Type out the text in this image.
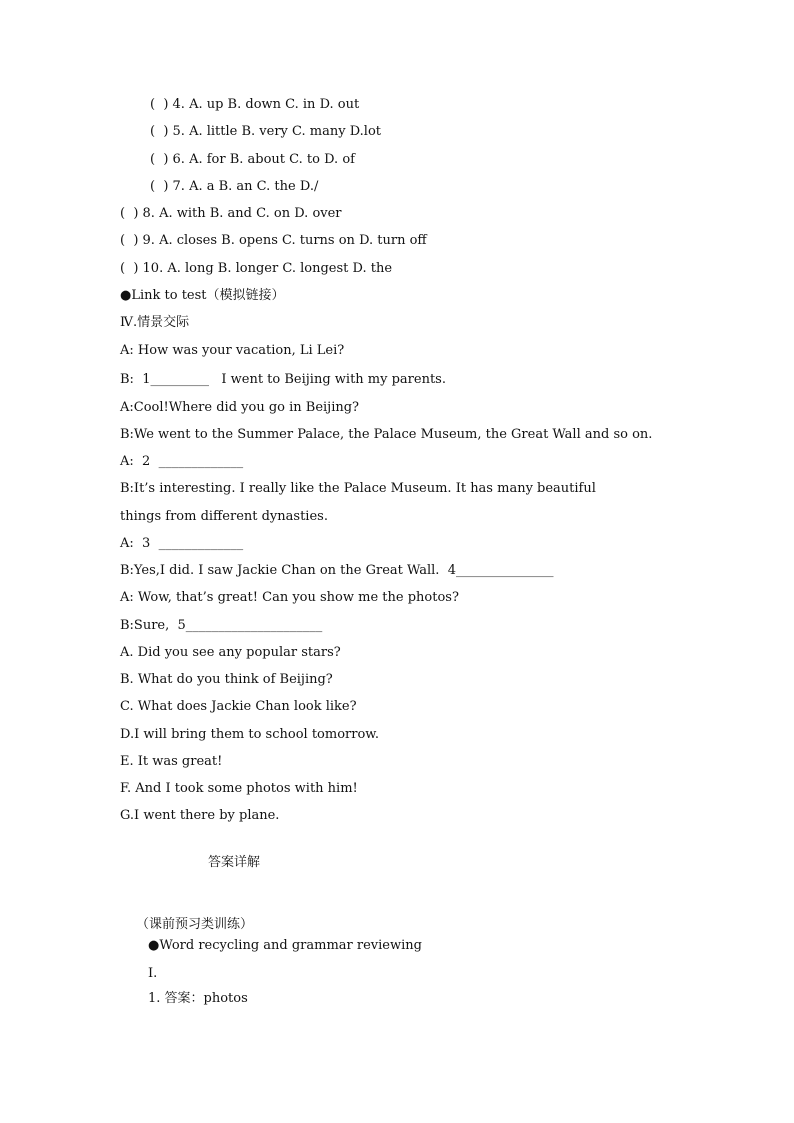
(  ) 4. A. up B. down C. in D. out
(  ) 5. A. little B. very C. many D.lot
(  ) 6. A. for B. about C. to D. of
(  ) 7. A. a B. an C. the D./
(  ) 8. A. with B. and C. on D. over
(  ) 9. A. closes B. opens C. turns on D. turn off
(  ) 10. A. long B. longer C. longest D. the
●Link to test（模拟链接）
Ⅳ.情景交际
A: How was your vacation, Li Lei?
B:  1_________   I went to Beijing with my parents.
A:Cool!Where did you go in Beijing?
B:We went to the Summer Palace, the Palace Museum, the Great Wall and so on.
A:  2  _____________
B:It’s interesting. I really like the Palace Museum. It has many beautiful
things from different dynasties.
A:  3  _____________
B:Yes,I did. I saw Jackie Chan on the Great Wall.  4_______________
A: Wow, that’s great! Can you show me the photos?
B:Sure,  5_____________________
A. Did you see any popular stars?
B. What do you think of Beijing?
C. What does Jackie Chan look like?
D.I will bring them to school tomorrow.
E. It was great!
F. And I took some photos with him!
G.I went there by plane.
答案详解
（课前预习类训练）
●Word recycling and grammar reviewing
Ⅰ.
1. 答案：photos
